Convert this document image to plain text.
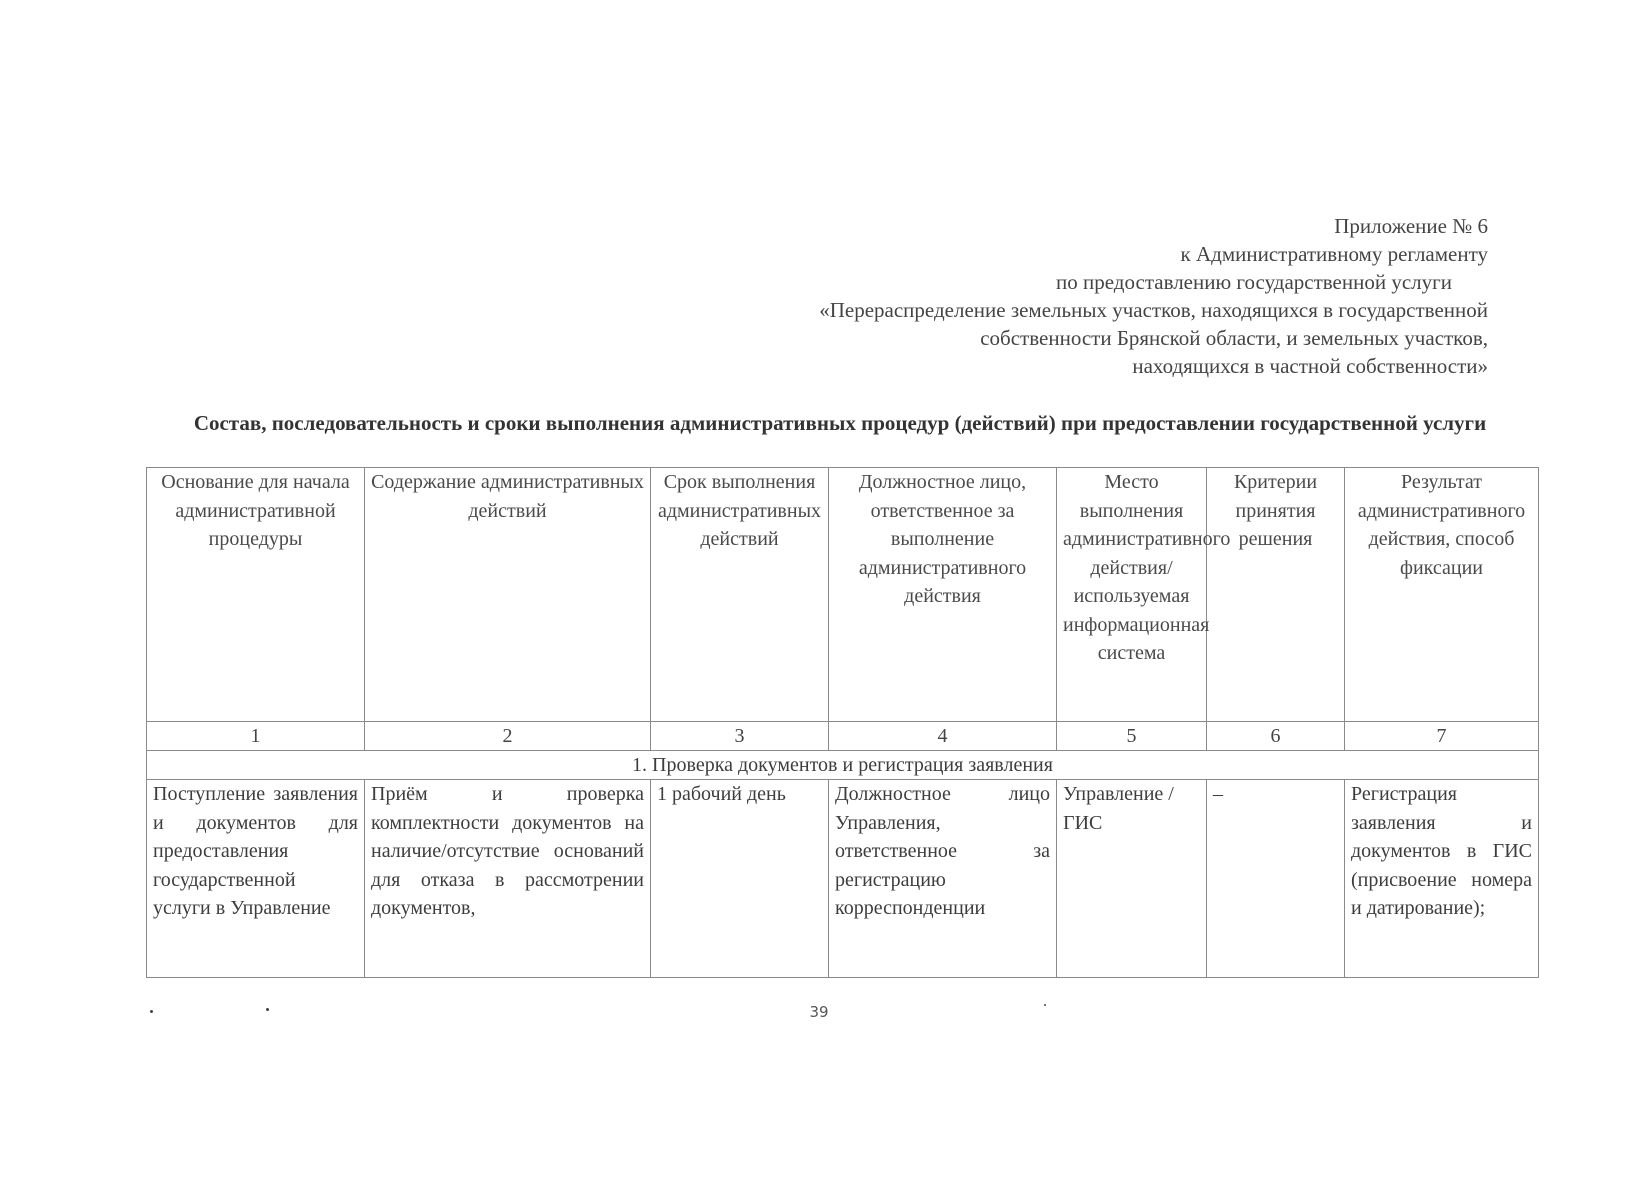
Приложение № 6
к Административному регламенту
по предоставлению государственной услуги
«Перераспределение земельных участков, находящихся в государственной
собственности Брянской области, и земельных участков,
находящихся в частной собственности»
Состав, последовательность и сроки выполнения административных процедур (действий) при предоставлении государственной услуги
Основание для начала административной процедуры	Содержание административных действий	Срок выполнения административных действий	Должностное лицо, ответственное за выполнение административного действия	Место выполнения административного действия/используемая информационная система	Критерии принятия решения	Результат административного действия, способ фиксации
1	2	3	4	5	6	7
1. Проверка документов и регистрация заявления						
Поступление заявления и документов для предоставления государственной услуги в Управление	Приём и проверка комплектности документов на наличие/отсутствие оснований для отказа в рассмотрении документов,	1 рабочий день	Должностное лицо Управления, ответственное за регистрацию корреспонденции	Управление / ГИС	–	Регистрация заявления и документов в ГИС (присвоение номера и датирование);
39
